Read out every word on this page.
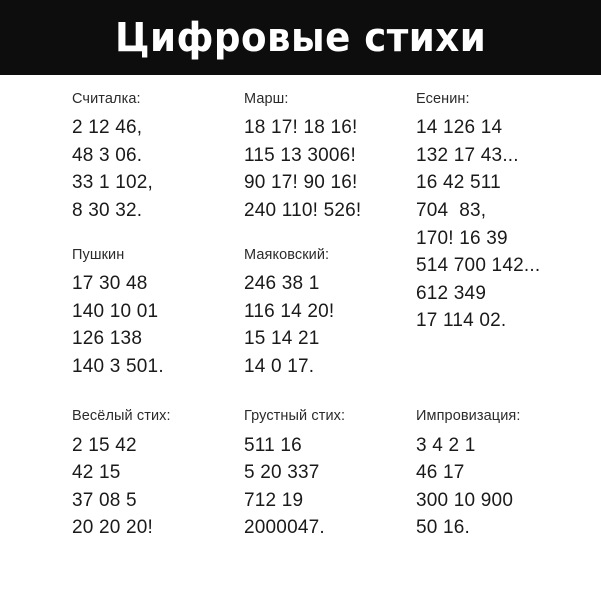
Цифровые стихи
Считалка:
2 12 46,
48 3 06.
33 1 102,
8 30 32.
Пушкин
17 30 48
140 10 01
126 138
140 3 501.
Марш:
18 17! 18 16!
115 13 3006!
90 17! 90 16!
240 110! 526!
Маяковский:
246 38 1
116 14 20!
15 14 21
14 0 17.
Есенин:
14 126 14
132 17 43...
16 42 511
704  83,
170! 16 39
514 700 142...
612 349
17 114 02.
Весёлый стих:
2 15 42
42 15
37 08 5
20 20 20!
Грустный стих:
511 16
5 20 337
712 19
2000047.
Импровизация:
3 4 2 1
46 17
300 10 900
50 16.
